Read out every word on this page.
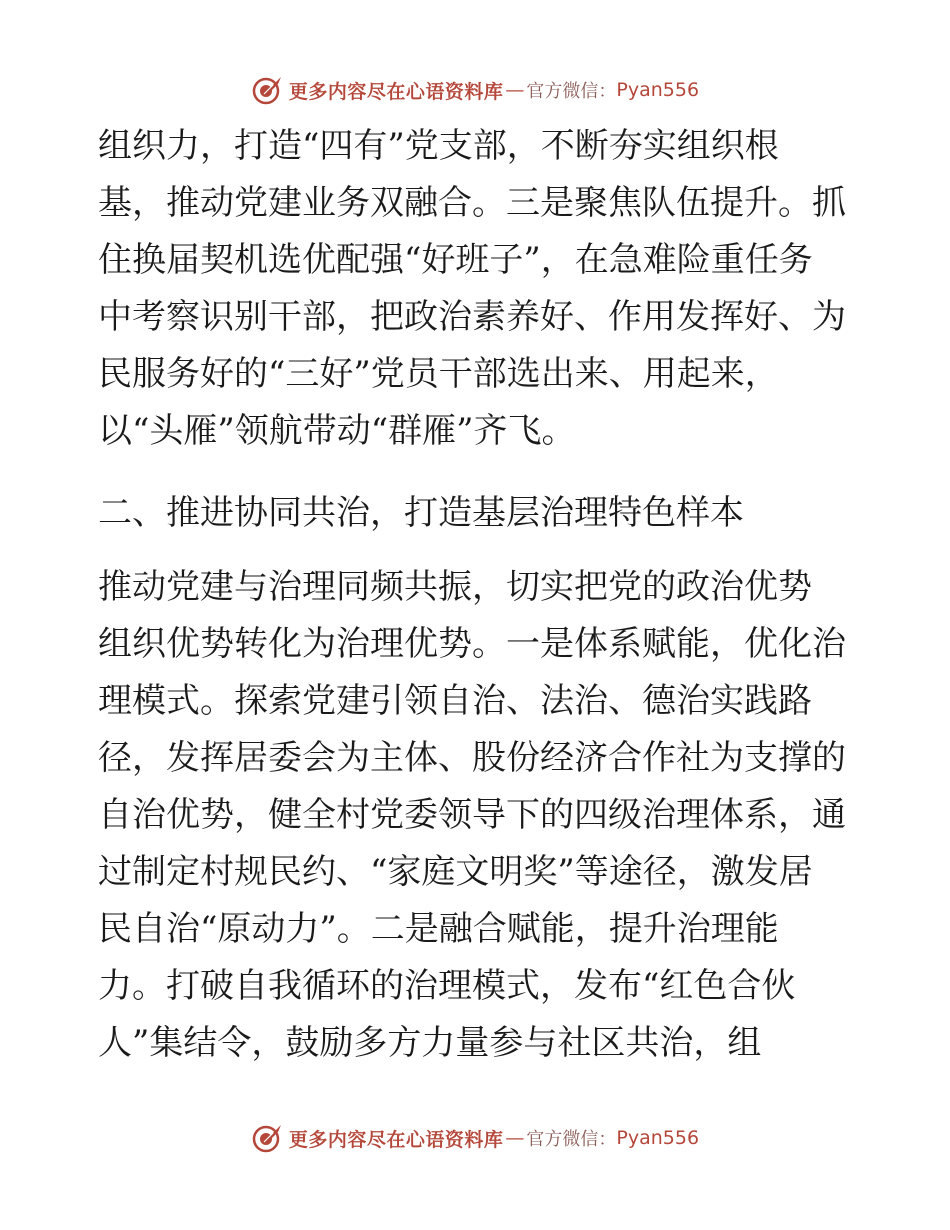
更多内容尽在心语资料库 — 官方微信： Pyan556
组织力，打造“四有”党支部，不断夯实组织根
基，推动党建业务双融合。三是聚焦队伍提升。抓
住换届契机选优配强“好班子”，在急难险重任务
中考察识别干部，把政治素养好、作用发挥好、为
民服务好的“三好”党员干部选出来、用起来，
以“头雁”领航带动“群雁”齐飞。
二、推进协同共治，打造基层治理特色样本
推动党建与治理同频共振，切实把党的政治优势
组织优势转化为治理优势。一是体系赋能，优化治
理模式。探索党建引领自治、法治、德治实践路
径，发挥居委会为主体、股份经济合作社为支撑的
自治优势，健全村党委领导下的四级治理体系，通
过制定村规民约、“家庭文明奖”等途径，激发居
民自治“原动力”。二是融合赋能，提升治理能
力。打破自我循环的治理模式，发布“红色合伙
人”集结令，鼓励多方力量参与社区共治，组
更多内容尽在心语资料库 — 官方微信： Pyan556
